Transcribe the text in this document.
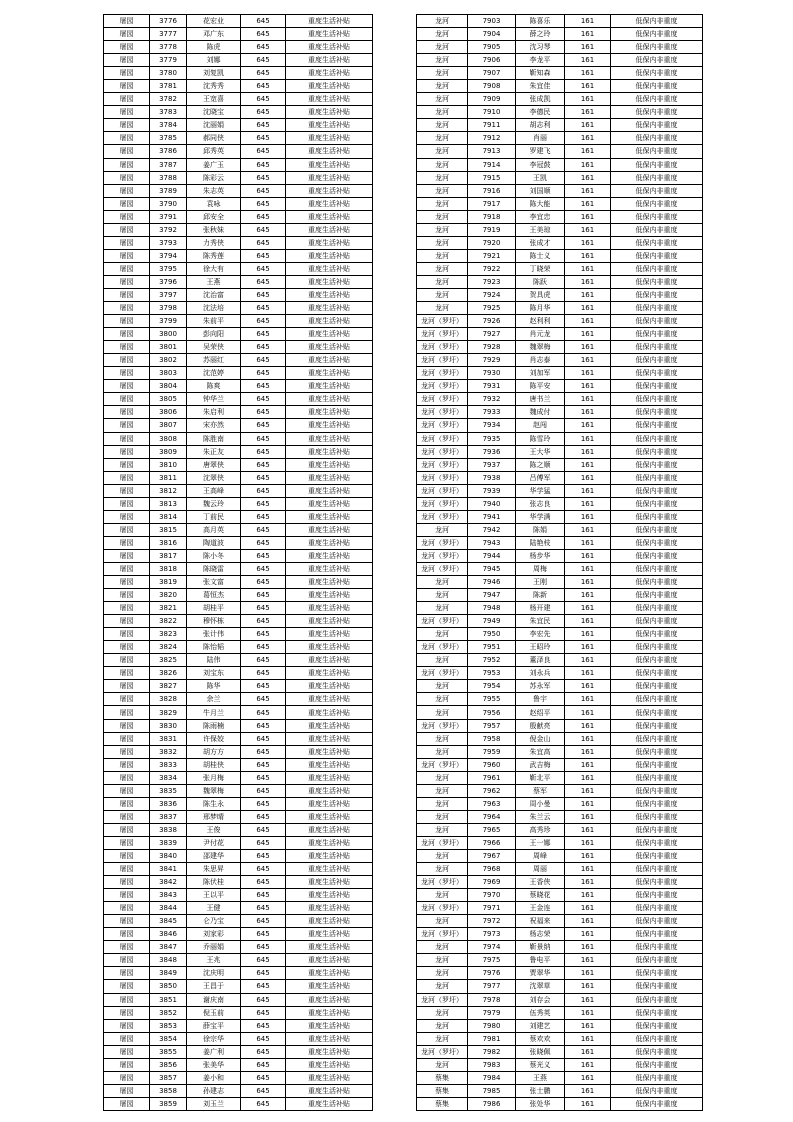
屠园	3776	花宏业	645	重度生活补贴
屠园	3777	邓广东	645	重度生活补贴
屠园	3778	陈虎	645	重度生活补贴
屠园	3779	刘娜	645	重度生活补贴
屠园	3780	刘复凯	645	重度生活补贴
屠园	3781	沈秀秀	645	重度生活补贴
屠园	3782	王宽喜	645	重度生活补贴
屠园	3783	沈晓宝	645	重度生活补贴
屠园	3784	沈丽娟	645	重度生活补贴
屠园	3785	郝同侠	645	重度生活补贴
屠园	3786	邱秀英	645	重度生活补贴
屠园	3787	姜广玉	645	重度生活补贴
屠园	3788	陈彩云	645	重度生活补贴
屠园	3789	朱志英	645	重度生活补贴
屠园	3790	袁咏	645	重度生活补贴
屠园	3791	邱安全	645	重度生活补贴
屠园	3792	张秋妹	645	重度生活补贴
屠园	3793	力秀侠	645	重度生活补贴
屠园	3794	陈秀莲	645	重度生活补贴
屠园	3795	徐大有	645	重度生活补贴
屠园	3796	王燕	645	重度生活补贴
屠园	3797	沈治富	645	重度生活补贴
屠园	3798	沈法培	645	重度生活补贴
屠园	3799	朱前平	645	重度生活补贴
屠园	3800	彭向阳	645	重度生活补贴
屠园	3801	吴荣侠	645	重度生活补贴
屠园	3802	苏丽红	645	重度生活补贴
屠园	3803	沈范婷	645	重度生活补贴
屠园	3804	陈爽	645	重度生活补贴
屠园	3805	钟华兰	645	重度生活补贴
屠园	3806	朱启利	645	重度生活补贴
屠园	3807	宋亦然	645	重度生活补贴
屠园	3808	陈胜南	645	重度生活补贴
屠园	3809	朱正友	645	重度生活补贴
屠园	3810	唐翠侠	645	重度生活补贴
屠园	3811	沈翠侠	645	重度生活补贴
屠园	3812	王高峰	645	重度生活补贴
屠园	3813	魏云玲	645	重度生活补贴
屠园	3814	丁前民	645	重度生活补贴
屠园	3815	高月英	645	重度生活补贴
屠园	3816	陶道波	645	重度生活补贴
屠园	3817	陈小冬	645	重度生活补贴
屠园	3818	陈晓雷	645	重度生活补贴
屠园	3819	张文富	645	重度生活补贴
屠园	3820	葛恒杰	645	重度生活补贴
屠园	3821	胡桂平	645	重度生活补贴
屠园	3822	穆怀栋	645	重度生活补贴
屠园	3823	张计伟	645	重度生活补贴
屠园	3824	陈怡韬	645	重度生活补贴
屠园	3825	陆伟	645	重度生活补贴
屠园	3826	刘宝东	645	重度生活补贴
屠园	3827	陈华	645	重度生活补贴
屠园	3828	余兰	645	重度生活补贴
屠园	3829	牛月兰	645	重度生活补贴
屠园	3830	陈雨楠	645	重度生活补贴
屠园	3831	许保姣	645	重度生活补贴
屠园	3832	胡方方	645	重度生活补贴
屠园	3833	胡桂侠	645	重度生活补贴
屠园	3834	张月梅	645	重度生活补贴
屠园	3835	魏翠梅	645	重度生活补贴
屠园	3836	陈生永	645	重度生活补贴
屠园	3837	邢梦晴	645	重度生活补贴
屠园	3838	王俊	645	重度生活补贴
屠园	3839	尹付花	645	重度生活补贴
屠园	3840	邵建华	645	重度生活补贴
屠园	3841	朱思昇	645	重度生活补贴
屠园	3842	陈伏桂	645	重度生活补贴
屠园	3843	王以平	645	重度生活补贴
屠园	3844	王健	645	重度生活补贴
屠园	3845	仑乃宝	645	重度生活补贴
屠园	3846	刘家彩	645	重度生活补贴
屠园	3847	乔丽娟	645	重度生活补贴
屠园	3848	王兆	645	重度生活补贴
屠园	3849	沈庆明	645	重度生活补贴
屠园	3850	王昌于	645	重度生活补贴
屠园	3851	谢庆南	645	重度生活补贴
屠园	3852	倪玉前	645	重度生活补贴
屠园	3853	薛宝平	645	重度生活补贴
屠园	3854	徐宗华	645	重度生活补贴
屠园	3855	姜广利	645	重度生活补贴
屠园	3856	张美华	645	重度生活补贴
屠园	3857	姜小和	645	重度生活补贴
屠园	3858	孙建志	645	重度生活补贴
屠园	3859	刘玉兰	645	重度生活补贴
龙河	7903	陈喜乐	161	低保内非重度
龙河	7904	薛之玲	161	低保内非重度
龙河	7905	沈习琴	161	低保内非重度
龙河	7906	李龙平	161	低保内非重度
龙河	7907	靳知森	161	低保内非重度
龙河	7908	朱宜佳	161	低保内非重度
龙河	7909	张成凯	161	低保内非重度
龙河	7910	李德民	161	低保内非重度
龙河	7911	胡志利	161	低保内非重度
龙河	7912	肖丽	161	低保内非重度
龙河	7913	罗建飞	161	低保内非重度
龙河	7914	李冠鼓	161	低保内非重度
龙河	7915	王凯	161	低保内非重度
龙河	7916	刘国顺	161	低保内非重度
龙河	7917	陈大能	161	低保内非重度
龙河	7918	李宜忠	161	低保内非重度
龙河	7919	王美琼	161	低保内非重度
龙河	7920	张成才	161	低保内非重度
龙河	7921	陈士义	161	低保内非重度
龙河	7922	丁晓荣	161	低保内非重度
龙河	7923	陈跃	161	低保内非重度
龙河	7924	贺具虎	161	低保内非重度
龙河	7925	陈月华	161	低保内非重度
龙河（罗圩）	7926	赵利利	161	低保内非重度
龙河（罗圩）	7927	肖元龙	161	低保内非重度
龙河（罗圩）	7928	魏翠梅	161	低保内非重度
龙河（罗圩）	7929	肖志泰	161	低保内非重度
龙河（罗圩）	7930	刘加军	161	低保内非重度
龙河（罗圩）	7931	陈平安	161	低保内非重度
龙河（罗圩）	7932	唐书兰	161	低保内非重度
龙河（罗圩）	7933	魏成付	161	低保内非重度
龙河（罗圩）	7934	赵闯	161	低保内非重度
龙河（罗圩）	7935	陈雪玲	161	低保内非重度
龙河（罗圩）	7936	王大华	161	低保内非重度
龙河（罗圩）	7937	陈之顺	161	低保内非重度
龙河（罗圩）	7938	吕傅军	161	低保内非重度
龙河（罗圩）	7939	华学猛	161	低保内非重度
龙河（罗圩）	7940	张志良	161	低保内非重度
龙河（罗圩）	7941	华学满	161	低保内非重度
龙河	7942	陈娟	161	低保内非重度
龙河（罗圩）	7943	陆艳枝	161	低保内非重度
龙河（罗圩）	7944	杨步华	161	低保内非重度
龙河（罗圩）	7945	周梅	161	低保内非重度
龙河	7946	王刚	161	低保内非重度
龙河	7947	陈新	161	低保内非重度
龙河	7948	杨开建	161	低保内非重度
龙河（罗圩）	7949	朱宜民	161	低保内非重度
龙河	7950	李宏先	161	低保内非重度
龙河（罗圩）	7951	王昭玲	161	低保内非重度
龙河	7952	董泽良	161	低保内非重度
龙河（罗圩）	7953	刘永兵	161	低保内非重度
龙河	7954	苏永军	161	低保内非重度
龙河	7955	鲁宇	161	低保内非重度
龙河	7956	赵绍平	161	低保内非重度
龙河（罗圩）	7957	殷献亮	161	低保内非重度
龙河	7958	倪金山	161	低保内非重度
龙河	7959	朱宜高	161	低保内非重度
龙河（罗圩）	7960	武吉梅	161	低保内非重度
龙河	7961	靳北平	161	低保内非重度
龙河	7962	蔡军	161	低保内非重度
龙河	7963	周小曼	161	低保内非重度
龙河	7964	朱兰云	161	低保内非重度
龙河	7965	高秀珍	161	低保内非重度
龙河（罗圩）	7966	王一娜	161	低保内非重度
龙河	7967	周峰	161	低保内非重度
龙河	7968	周丽	161	低保内非重度
龙河（罗圩）	7969	王香侠	161	低保内非重度
龙河	7970	蔡晓花	161	低保内非重度
龙河（罗圩）	7971	王金连	161	低保内非重度
龙河	7972	祝福来	161	低保内非重度
龙河（罗圩）	7973	杨志荣	161	低保内非重度
龙河	7974	靳景纳	161	低保内非重度
龙河	7975	鲁电平	161	低保内非重度
龙河	7976	贾翠华	161	低保内非重度
龙河	7977	沈翠草	161	低保内非重度
龙河（罗圩）	7978	刘存会	161	低保内非重度
龙河	7979	伍秀英	161	低保内非重度
龙河	7980	刘建艺	161	低保内非重度
龙河	7981	蔡欢欢	161	低保内非重度
龙河（罗圩）	7982	张晓佩	161	低保内非重度
龙河	7983	蔡光义	161	低保内非重度
蔡集	7984	王燕	161	低保内非重度
蔡集	7985	张士鹏	161	低保内非重度
蔡集	7986	张处华	161	低保内非重度
